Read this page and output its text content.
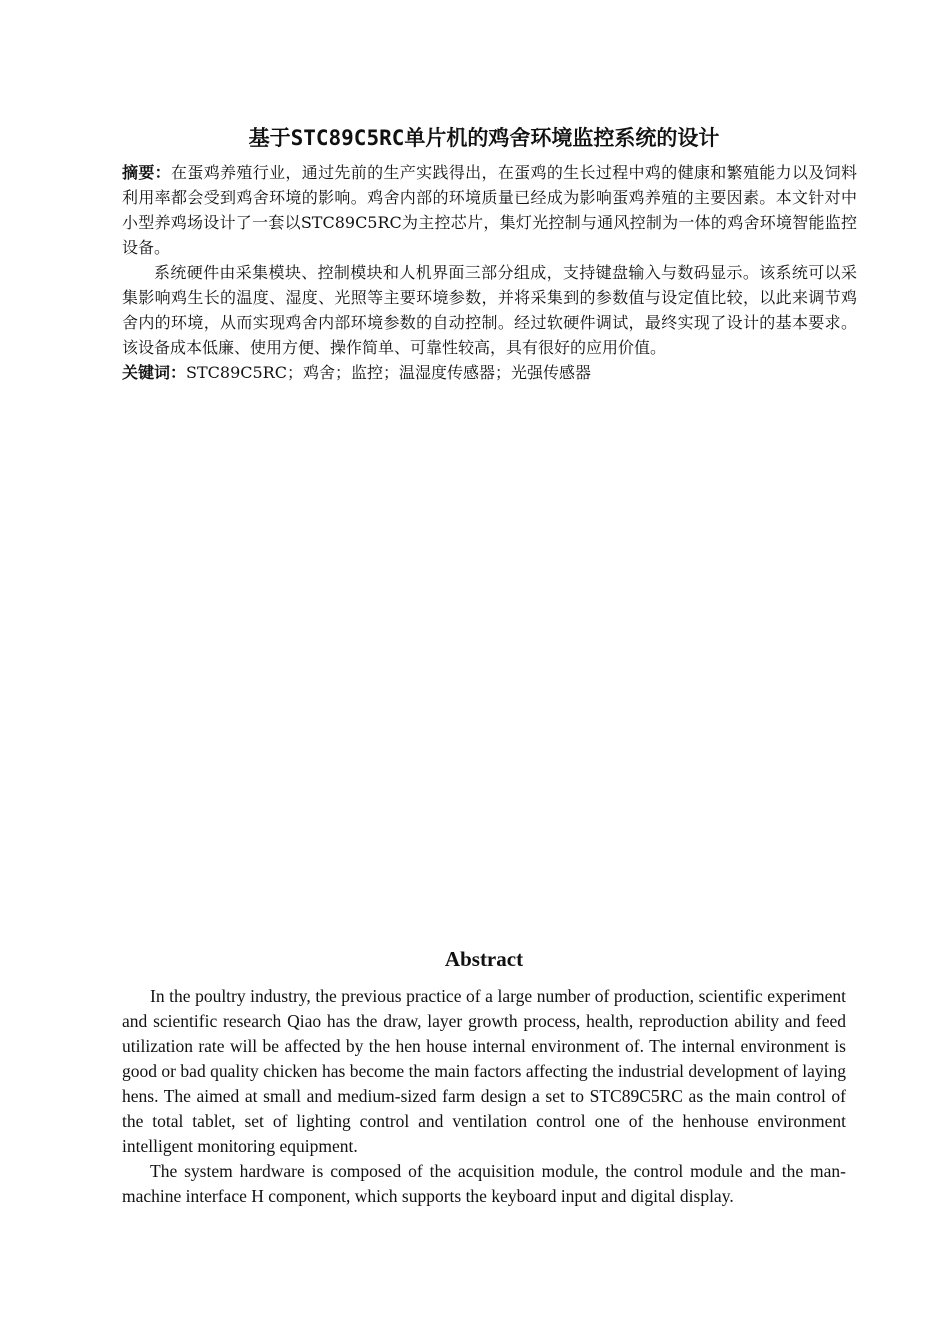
基于STC89C5RC单片机的鸡舍环境监控系统的设计

摘要：在蛋鸡养殖行业，通过先前的生产实践得出，在蛋鸡的生长过程中鸡的健康和繁殖能力以及饲料利用率都会受到鸡舍环境的影响。鸡舍内部的环境质量已经成为影响蛋鸡养殖的主要因素。本文针对中小型养鸡场设计了一套以STC89C5RC为主控芯片，集灯光控制与通风控制为一体的鸡舍环境智能监控设备。

系统硬件由采集模块、控制模块和人机界面三部分组成，支持键盘输入与数码显示。该系统可以采集影响鸡生长的温度、湿度、光照等主要环境参数，并将采集到的参数值与设定值比较，以此来调节鸡舍内的环境，从而实现鸡舍内部环境参数的自动控制。经过软硬件调试，最终实现了设计的基本要求。该设备成本低廉、使用方便、操作简单、可靠性较高，具有很好的应用价值。

关键词：STC89C5RC；鸡舍；监控；温湿度传感器；光强传感器

Abstract

In the poultry industry, the previous practice of a large number of production, scientific experiment and scientific research Qiao has the draw, layer growth process, health, reproduction ability and feed utilization rate will be affected by the hen house internal environment of. The internal environment is good or bad quality chicken has become the main factors affecting the industrial development of laying hens. The aimed at small and medium-sized farm design a set to STC89C5RC as the main control of the total tablet, set of lighting control and ventilation control one of the henhouse environment intelligent monitoring equipment.

The system hardware is composed of the acquisition module, the control module and the man-machine interface H component, which supports the keyboard input and digital display.
